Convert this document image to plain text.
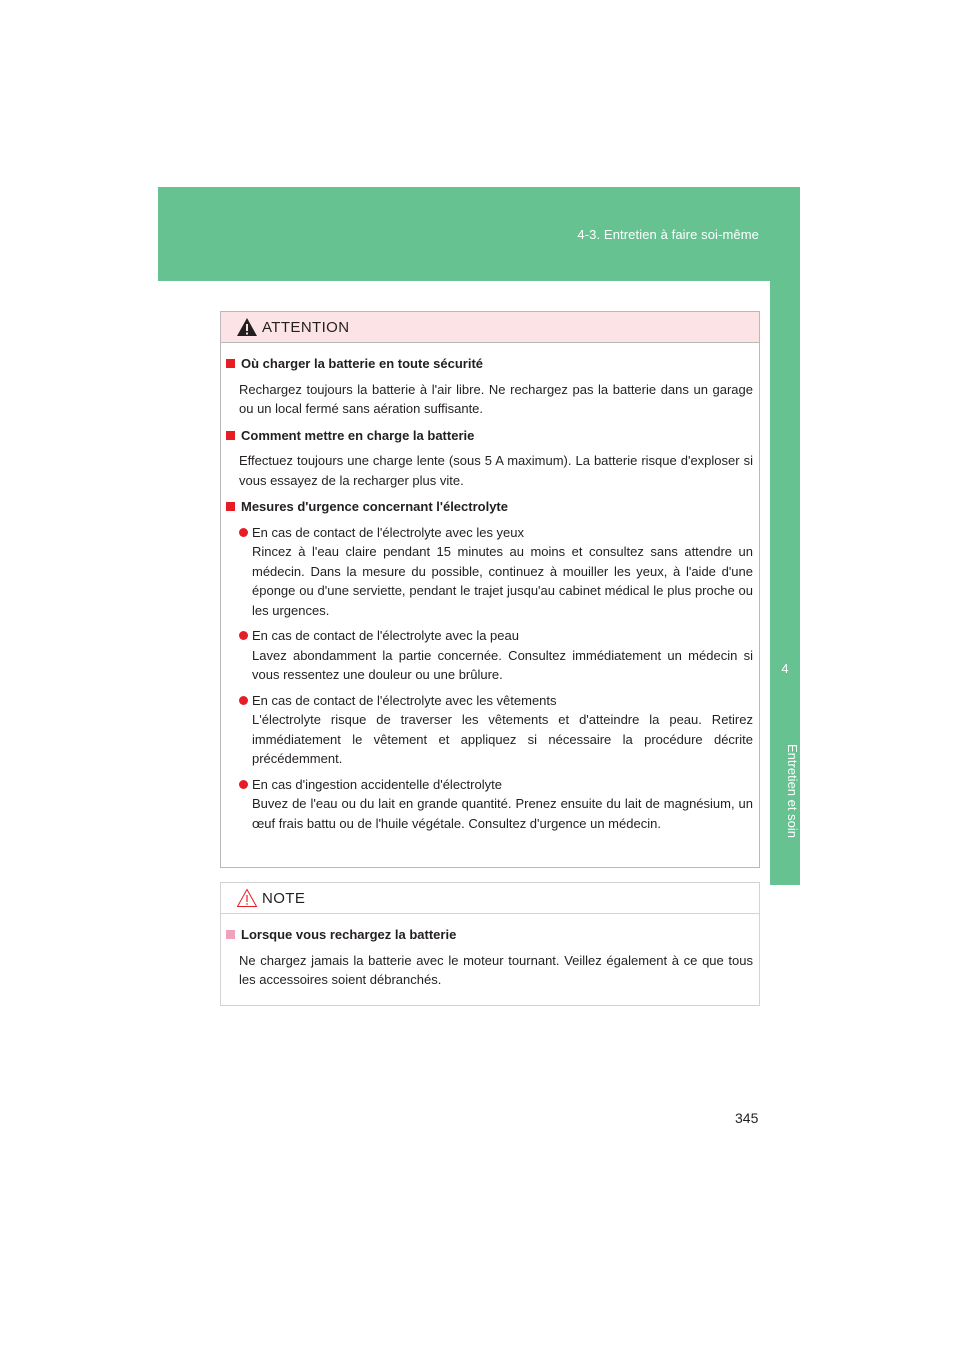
4-3. Entretien à faire soi-même
4
Entretien et soin
ATTENTION

Où charger la batterie en toute sécurité

Rechargez toujours la batterie à l'air libre. Ne rechargez pas la batterie dans un garage ou un local fermé sans aération suffisante.

Comment mettre en charge la batterie

Effectuez toujours une charge lente (sous 5 A maximum). La batterie risque d'exploser si vous essayez de la recharger plus vite.

Mesures d'urgence concernant l'électrolyte

En cas de contact de l'électrolyte avec les yeux
Rincez à l'eau claire pendant 15 minutes au moins et consultez sans attendre un médecin. Dans la mesure du possible, continuez à mouiller les yeux, à l'aide d'une éponge ou d'une serviette, pendant le trajet jusqu'au cabinet médical le plus proche ou les urgences.
En cas de contact de l'électrolyte avec la peau
Lavez abondamment la partie concernée. Consultez immédiatement un médecin si vous ressentez une douleur ou une brûlure.
En cas de contact de l'électrolyte avec les vêtements
L'électrolyte risque de traverser les vêtements et d'atteindre la peau. Retirez immédiatement le vêtement et appliquez si nécessaire la procédure décrite précédemment.
En cas d'ingestion accidentelle d'électrolyte
Buvez de l'eau ou du lait en grande quantité. Prenez ensuite du lait de magnésium, un œuf frais battu ou de l'huile végétale. Consultez d'urgence un médecin.
NOTE

Lorsque vous rechargez la batterie

Ne chargez jamais la batterie avec le moteur tournant. Veillez également à ce que tous les accessoires soient débranchés.

345
